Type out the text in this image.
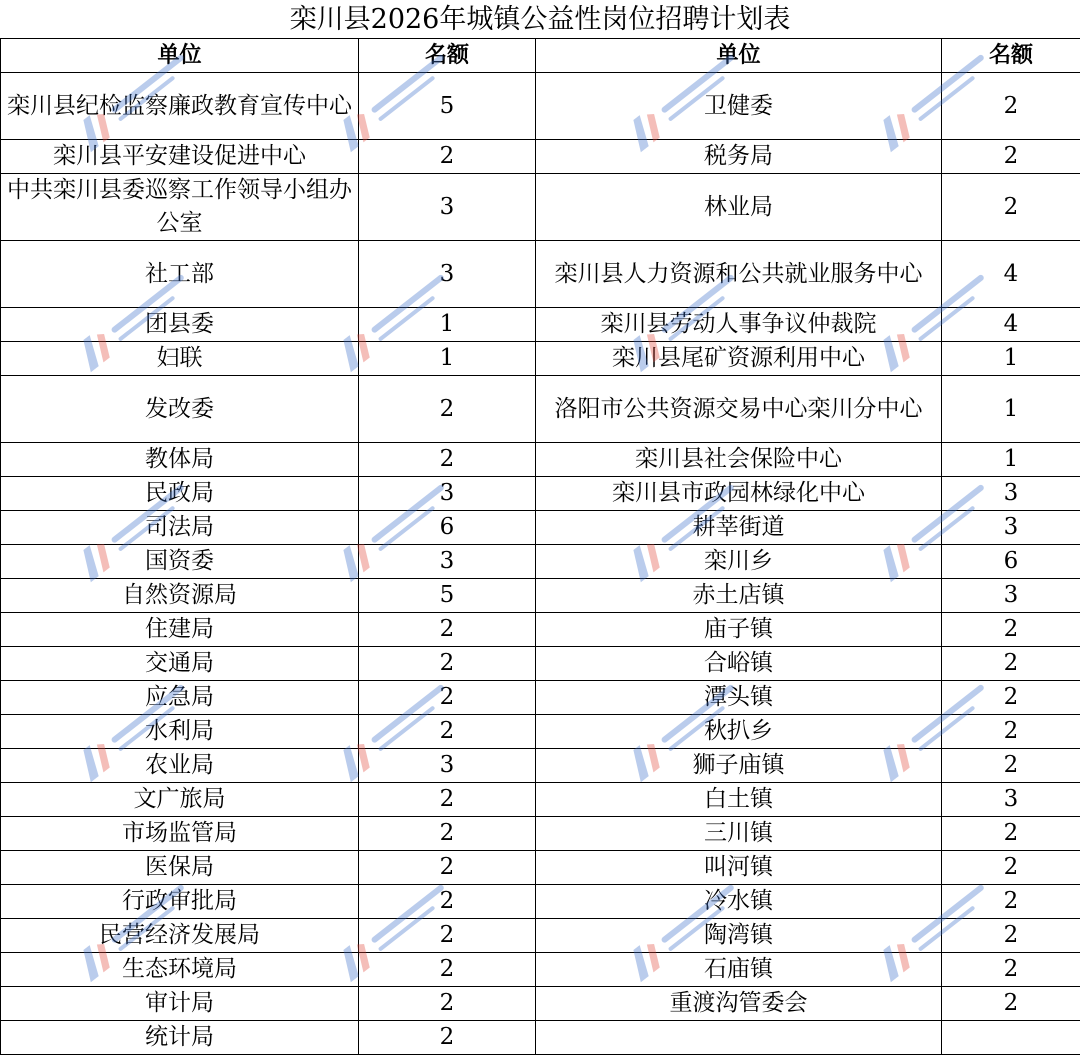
栾川县2026年城镇公益性岗位招聘计划表
单位	名额	单位	名额
栾川县纪检监察廉政教育宣传中心	5	卫健委	2
栾川县平安建设促进中心	2	税务局	2
中共栾川县委巡察工作领导小组办公室	3	林业局	2
社工部	3	栾川县人力资源和公共就业服务中心	4
团县委	1	栾川县劳动人事争议仲裁院	4
妇联	1	栾川县尾矿资源利用中心	1
发改委	2	洛阳市公共资源交易中心栾川分中心	1
教体局	2	栾川县社会保险中心	1
民政局	3	栾川县市政园林绿化中心	3
司法局	6	耕莘街道	3
国资委	3	栾川乡	6
自然资源局	5	赤土店镇	3
住建局	2	庙子镇	2
交通局	2	合峪镇	2
应急局	2	潭头镇	2
水利局	2	秋扒乡	2
农业局	3	狮子庙镇	2
文广旅局	2	白土镇	3
市场监管局	2	三川镇	2
医保局	2	叫河镇	2
行政审批局	2	冷水镇	2
民营经济发展局	2	陶湾镇	2
生态环境局	2	石庙镇	2
审计局	2	重渡沟管委会	2
统计局	2		
